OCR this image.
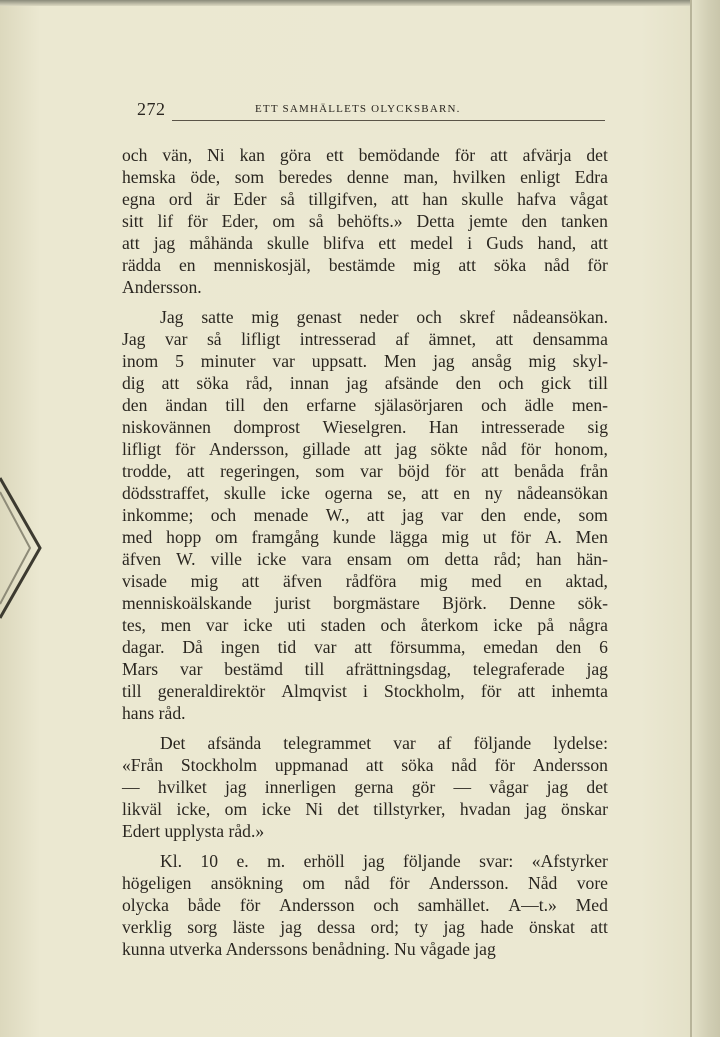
272	ETT SAMHÄLLETS OLYCKSBARN.
och vän, Ni kan göra ett bemödande för att afvärja det
hemska öde, som beredes denne man, hvilken enligt Edra
egna ord är Eder så tillgifven, att han skulle hafva vågat
sitt lif för Eder, om så behöfts.» Detta jemte den tanken
att jag måhända skulle blifva ett medel i Guds hand, att
rädda en menniskosjäl, bestämde mig att söka nåd för
Andersson.
Jag satte mig genast neder och skref nådeansökan.
Jag var så lifligt intresserad af ämnet, att densamma
inom 5 minuter var uppsatt. Men jag ansåg mig skyl-
dig att söka råd, innan jag afsände den och gick till
den ändan till den erfarne själasörjaren och ädle men-
niskovännen domprost Wieselgren. Han intresserade sig
lifligt för Andersson, gillade att jag sökte nåd för honom,
trodde, att regeringen, som var böjd för att benåda från
dödsstraffet, skulle icke ogerna se, att en ny nådeansökan
inkomme; och menade W., att jag var den ende, som
med hopp om framgång kunde lägga mig ut för A. Men
äfven W. ville icke vara ensam om detta råd; han hän-
visade mig att äfven rådföra mig med en aktad,
menniskoälskande jurist borgmästare Björk. Denne sök-
tes, men var icke uti staden och återkom icke på några
dagar. Då ingen tid var att försumma, emedan den 6
Mars var bestämd till afrättningsdag, telegraferade jag
till generaldirektör Almqvist i Stockholm, för att inhemta
hans råd.
Det afsända telegrammet var af följande lydelse:
«Från Stockholm uppmanad att söka nåd för Andersson
— hvilket jag innerligen gerna gör — vågar jag det
likväl icke, om icke Ni det tillstyrker, hvadan jag önskar
Edert upplysta råd.»
Kl. 10 e. m. erhöll jag följande svar: «Afstyrker
högeligen ansökning om nåd för Andersson. Nåd vore
olycka både för Andersson och samhället. A—t.» Med
verklig sorg läste jag dessa ord; ty jag hade önskat att
kunna utverka Anderssons benådning. Nu vågade jag
